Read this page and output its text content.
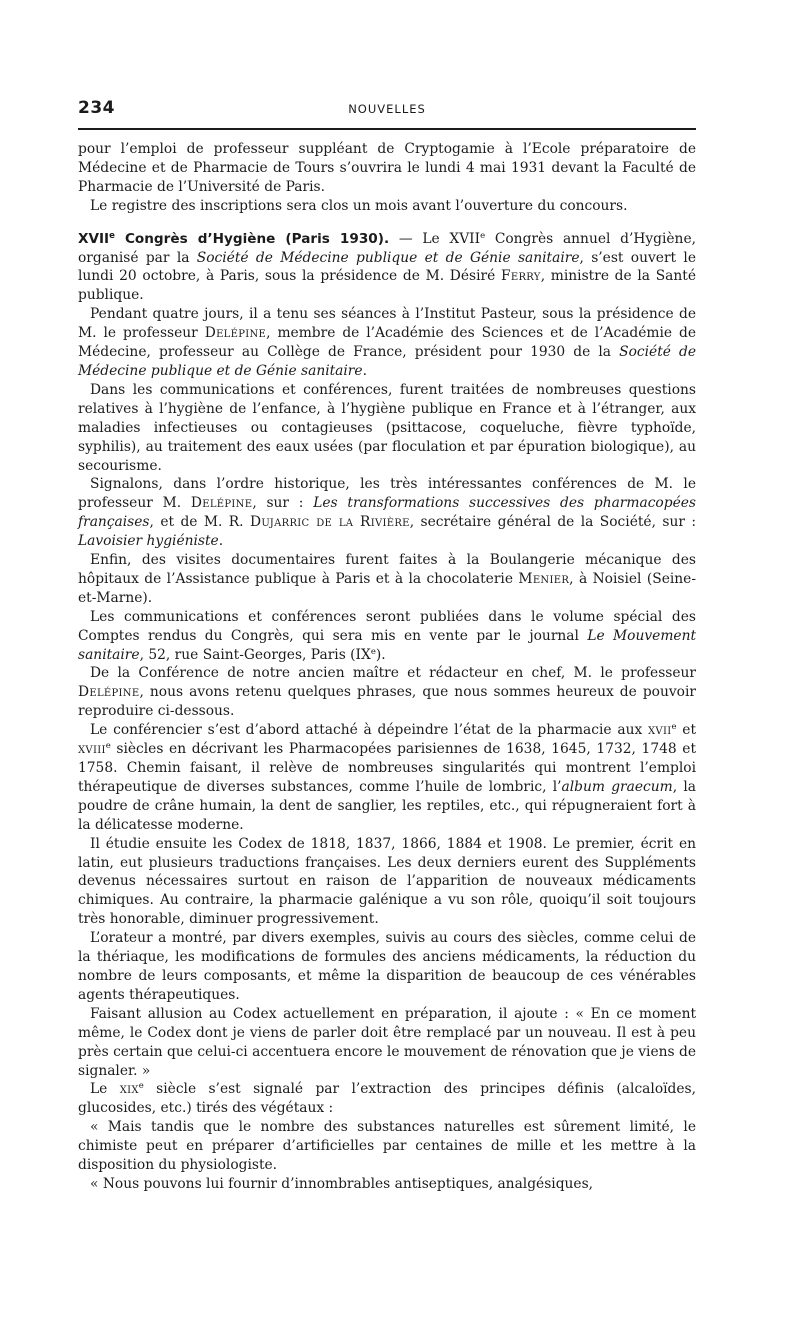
234	NOUVELLES

pour l’emploi de professeur suppléant de Cryptogamie à l’Ecole préparatoire de Médecine et de Pharmacie de Tours s’ouvrira le lundi 4 mai 1931 devant la Faculté de Pharmacie de l’Université de Paris.

Le registre des inscriptions sera clos un mois avant l’ouverture du concours.

XVIIe Congrès d’Hygiène (Paris 1930). — Le XVIIe Congrès annuel d’Hygiène, organisé par la Société de Médecine publique et de Génie sanitaire, s’est ouvert le lundi 20 octobre, à Paris, sous la présidence de M. Désiré Ferry, ministre de la Santé publique.

Pendant quatre jours, il a tenu ses séances à l’Institut Pasteur, sous la présidence de M. le professeur Delépine, membre de l’Académie des Sciences et de l’Académie de Médecine, professeur au Collège de France, président pour 1930 de la Société de Médecine publique et de Génie sanitaire.

Dans les communications et conférences, furent traitées de nombreuses questions relatives à l’hygiène de l’enfance, à l’hygiène publique en France et à l’étranger, aux maladies infectieuses ou contagieuses (psittacose, coqueluche, fièvre typhoïde, syphilis), au traitement des eaux usées (par floculation et par épuration biologique), au secourisme.

Signalons, dans l’ordre historique, les très intéressantes conférences de M. le professeur M. Delépine, sur : Les transformations successives des pharmacopées françaises, et de M. R. Dujarric de la Rivière, secrétaire général de la Société, sur : Lavoisier hygiéniste.

Enfin, des visites documentaires furent faites à la Boulangerie mécanique des hôpitaux de l’Assistance publique à Paris et à la chocolaterie Menier, à Noisiel (Seine-et-Marne).

Les communications et conférences seront publiées dans le volume spécial des Comptes rendus du Congrès, qui sera mis en vente par le journal Le Mouvement sanitaire, 52, rue Saint-Georges, Paris (IXe).

De la Conférence de notre ancien maître et rédacteur en chef, M. le professeur Delépine, nous avons retenu quelques phrases, que nous sommes heureux de pouvoir reproduire ci-dessous.

Le conférencier s’est d’abord attaché à dépeindre l’état de la pharmacie aux xvii$^e$ et xviii$^e$ siècles en décrivant les Pharmacopées parisiennes de 1638, 1645, 1732, 1748 et 1758. Chemin faisant, il relève de nombreuses singularités qui montrent l’emploi thérapeutique de diverses substances, comme l’huile de lombric, l’album graecum, la poudre de crâne humain, la dent de sanglier, les reptiles, etc., qui répugneraient fort à la délicatesse moderne.

Il étudie ensuite les Codex de 1818, 1837, 1866, 1884 et 1908. Le premier, écrit en latin, eut plusieurs traductions françaises. Les deux derniers eurent des Suppléments devenus nécessaires surtout en raison de l’apparition de nouveaux médicaments chimiques. Au contraire, la pharmacie galénique a vu son rôle, quoiqu’il soit toujours très honorable, diminuer progressivement.

L’orateur a montré, par divers exemples, suivis au cours des siècles, comme celui de la thériaque, les modifications de formules des anciens médicaments, la réduction du nombre de leurs composants, et même la disparition de beaucoup de ces vénérables agents thérapeutiques.

Faisant allusion au Codex actuellement en préparation, il ajoute : « En ce moment même, le Codex dont je viens de parler doit être remplacé par un nouveau. Il est à peu près certain que celui-ci accentuera encore le mouvement de rénovation que je viens de signaler. »

Le xix$^e$ siècle s’est signalé par l’extraction des principes définis (alcaloïdes, glucosides, etc.) tirés des végétaux :

« Mais tandis que le nombre des substances naturelles est sûrement limité, le chimiste peut en préparer d’artificielles par centaines de mille et les mettre à la disposition du physiologiste.

« Nous pouvons lui fournir d’innombrables antiseptiques, analgésiques,
